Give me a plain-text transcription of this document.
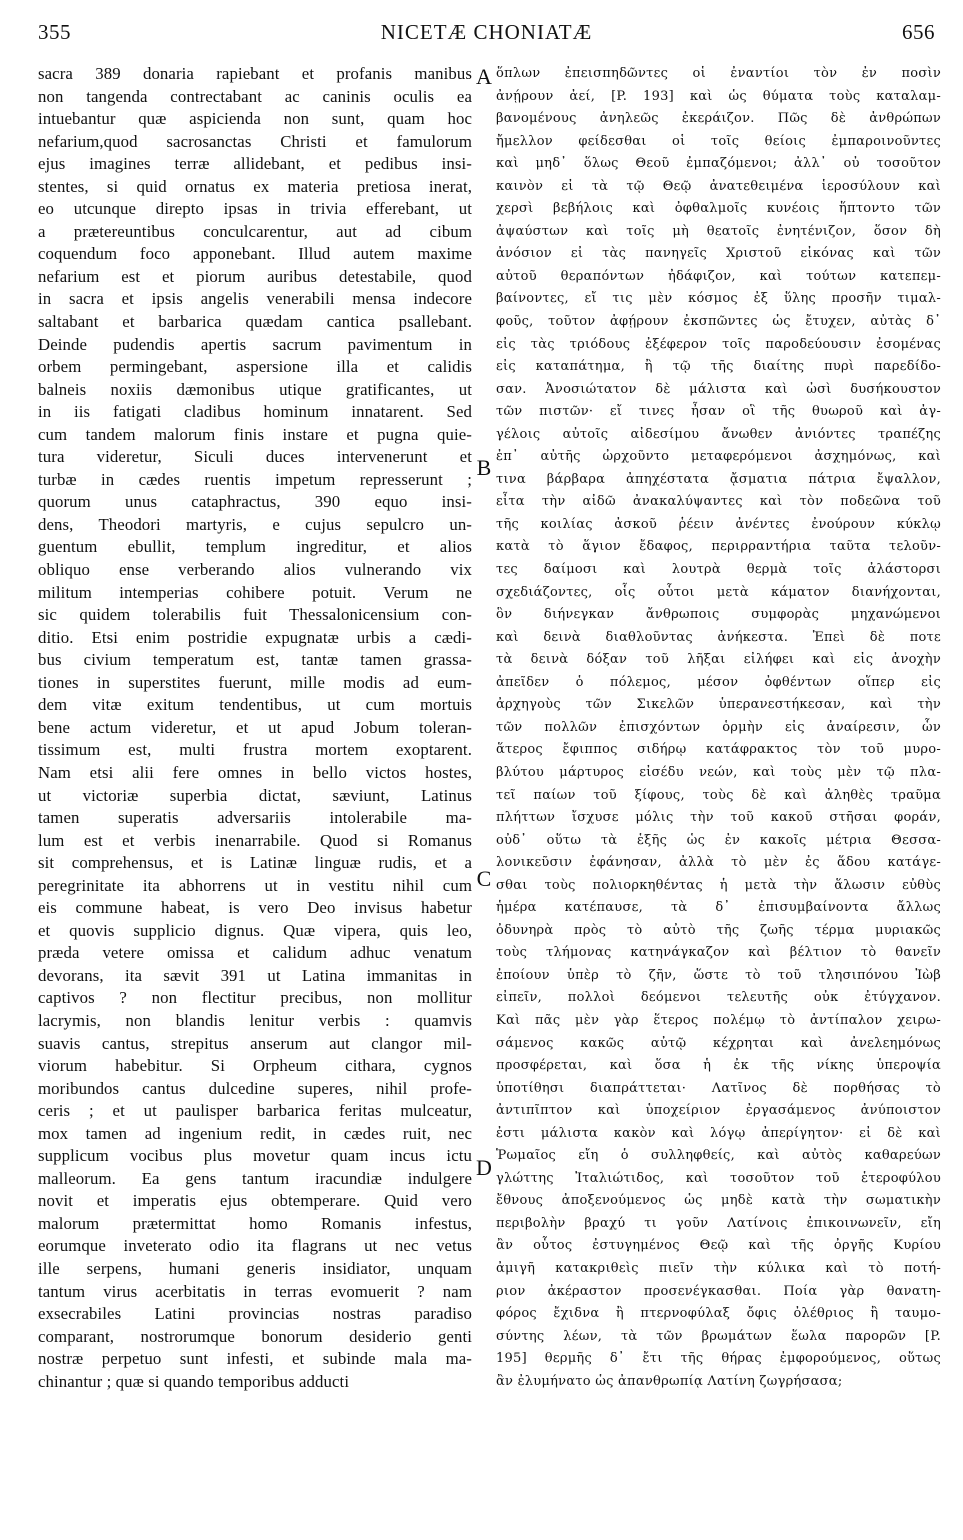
355	NICETÆ CHONIATÆ	656
sacra 389 donaria rapiebant et profanis manibus
non tangenda contrectabant ac caninis oculis ea
intuebantur quæ aspicienda non sunt, quam hoc
nefarium,quod sacrosanctas Christi et famulorum
ejus imagines terræ allidebant, et pedibus insi-
stentes, si quid ornatus ex materia pretiosa inerat,
eo utcunque direpto ipsas in trivia efferebant, ut
a prætereuntibus conculcarentur, aut ad cibum
coquendum foco apponebant. Illud autem maxime
nefarium est et piorum auribus detestabile, quod
in sacra et ipsis angelis venerabili mensa indecore
saltabant et barbarica quædam cantica psallebant.
Deinde pudendis apertis sacrum pavimentum in
orbem permingebant, aspersione illa et calidis
balneis noxiis dæmonibus utique gratificantes, ut
in iis fatigati cladibus hominum innatarent. Sed
cum tandem malorum finis instare et pugna quie-
tura videretur, Siculi duces intervenerunt et
turbæ in cædes ruentis impetum represserunt ;
quorum unus cataphractus, 390 equo insi-
dens, Theodori martyris, e cujus sepulcro un-
guentum ebullit, templum ingreditur, et alios
obliquo ense verberando alios vulnerando vix
militum intemperias cohibere potuit. Verum ne
sic quidem tolerabilis fuit Thessalonicensium con-
ditio. Etsi enim postridie expugnatæ urbis a cædi-
bus civium temperatum est, tantæ tamen grassa-
tiones in superstites fuerunt, mille modis ad eum-
dem vitæ exitum tendentibus, ut cum mortuis
bene actum videretur, et ut apud Jobum toleran-
tissimum est, multi frustra mortem exoptarent.
Nam etsi alii fere omnes in bello victos hostes,
ut victoriæ superbia dictat, sæviunt, Latinus
tamen superatis adversariis intolerabile ma-
lum est et verbis inenarrabile. Quod si Romanus
sit comprehensus, et is Latinæ linguæ rudis, et a
peregrinitate ita abhorrens ut in vestitu nihil cum
eis commune habeat, is vero Deo invisus habetur
et quovis supplicio dignus. Quæ vipera, quis leo,
præda vetere omissa et calidum adhuc venatum
devorans, ita sævit 391 ut Latina immanitas in
captivos ? non flectitur precibus, non mollitur
lacrymis, non blandis lenitur verbis : quamvis
suavis cantus, strepitus anserum aut clangor mil-
viorum habebitur. Si Orpheum cithara, cygnos
moribundos cantus dulcedine superes, nihil profe-
ceris ; et ut paulisper barbarica feritas mulceatur,
mox tamen ad ingenium redit, in cædes ruit, nec
supplicum vocibus plus movetur quam incus ictu
malleorum. Ea gens tantum iracundiæ indulgere
novit et imperatis ejus obtemperare. Quid vero
malorum prætermittat homo Romanis infestus,
eorumque inveterato odio ita flagrans ut nec vetus
ille serpens, humani generis insidiator, unquam
tantum virus acerbitatis in terras evomuerit ? nam
exsecrabiles Latini provincias nostras paradiso
comparant, nostrorumque bonorum desiderio genti
nostræ perpetuo sunt infesti, et subinde mala ma-
chinantur ; quæ si quando temporibus adducti
A
B
C
D
ὅπλων ἐπεισπηδῶντες οἱ ἐναντίοι τὸν ἐν ποσὶν
ἀνῄρουν ἀεί, [P. 193] καὶ ὡς θύματα τοὺς καταλαμ-
βανομένους ἀνηλεῶς ἐκεράιζον. Πῶς δὲ ἀνθρώπων
ἤμελλον φείδεσθαι οἱ τοῖς θείοις ἐμπαροινοῦντες
καὶ μηδ᾽ ὅλως Θεοῦ ἐμπαζόμενοι; ἀλλ᾽ οὐ τοσοῦτον
καινὸν εἰ τὰ τῷ Θεῷ ἀνατεθειμένα ἱεροσύλουν καὶ
χερσὶ βεβήλοις καὶ ὀφθαλμοῖς κυνέοις ἥπτοντο τῶν
ἀψαύστων καὶ τοῖς μὴ θεατοῖς ἐνητένιζον, ὅσον δὴ
ἀνόσιον εἰ τὰς πανηγεῖς Χριστοῦ εἰκόνας καὶ τῶν
αὐτοῦ θεραπόντων ἠδάφιζον, καὶ τούτων κατεπεμ-
βαίνοντες, εἴ τις μὲν κόσμος ἐξ ὕλης προσῆν τιμαλ-
φοῦς, τοῦτον ἀφῄρουν ἐκσπῶντες ὡς ἔτυχεν, αὐτὰς δ᾽
εἰς τὰς τριόδους ἐξέφερον τοῖς παροδεύουσιν ἐσομένας
εἰς καταπάτημα, ἢ τῷ τῆς διαίτης πυρὶ παρεδίδο-
σαν. Ἀνοσιώτατον δὲ μάλιστα καὶ ὠσὶ δυσήκουστον
τῶν πιστῶν· εἴ τινες ἦσαν οἳ τῆς θυωροῦ καὶ ἀγ-
γέλοις αὐτοῖς αἰδεσίμου ἄνωθεν ἀνιόντες τραπέζης
ἐπ᾽ αὐτῆς ὠρχοῦντο μεταφερόμενοι ἀσχημόνως, καὶ
τινα βάρβαρα ἀπηχέστατα ᾄσματια πάτρια ἔψαλλον,
εἶτα τὴν αἰδῶ ἀνακαλύψαντες καὶ τὸν ποδεῶνα τοῦ
τῆς κοιλίας ἀσκοῦ ῥέειν ἀνέντες ἐνούρουν κύκλῳ
κατὰ τὸ ἅγιον ἔδαφος, περιρραντήρια ταῦτα τελοῦν-
τες δαίμοσι καὶ λουτρὰ θερμὰ τοῖς ἀλάστορσι
σχεδιάζοντες, οἷς οὗτοι μετὰ κάματον διανήχονται,
ὃν διήνεγκαν ἄνθρωποις συμφορὰς μηχανώμενοι
καὶ δεινὰ διαθλοῦντας ἀνήκεστα. Ἐπεὶ δὲ ποτε
τὰ δεινὰ δόξαν τοῦ λῆξαι εἰλήφει καὶ εἰς ἀνοχὴν
ἀπεῖδεν ὁ πόλεμος, μέσον ὀφθέντων οἵπερ εἰς
ἀρχηγοὺς τῶν Σικελῶν ὑπερανεστήκεσαν, καὶ τὴν
τῶν πολλῶν ἐπισχόντων ὁρμὴν εἰς ἀναίρεσιν, ὧν
ἅτερος ἔφιππος σιδήρῳ κατάφρακτος τὸν τοῦ μυρο-
βλύτου μάρτυρος εἰσέδυ νεών, καὶ τοὺς μὲν τῷ πλα-
τεῖ παίων τοῦ ξίφους, τοὺς δὲ καὶ ἀληθὲς τραῦμα
πλήττων ἴσχυσε μόλις τὴν τοῦ κακοῦ στῆσαι φοράν,
οὐδ᾽ οὕτω τὰ ἑξῆς ὡς ἐν κακοῖς μέτρια Θεσσα-
λονικεῦσιν ἐφάνησαν, ἀλλὰ τὸ μὲν ἐς ἅδου κατάγε-
σθαι τοὺς πολιορκηθέντας ἡ μετὰ τὴν ἅλωσιν εὐθὺς
ἡμέρα κατέπαυσε, τὰ δ᾽ ἐπισυμβαίνοντα ἄλλως
ὀδυνηρὰ πρὸς τὸ αὐτὸ τῆς ζωῆς τέρμα μυριακῶς
τοὺς τλήμονας κατηνάγκαζον καὶ βέλτιον τὸ θανεῖν
ἐποίουν ὑπὲρ τὸ ζῆν, ὥστε τὸ τοῦ τλησιπόνου Ἰὼβ
εἰπεῖν, πολλοὶ δεόμενοι τελευτῆς οὐκ ἐτύγχανον.
Καὶ πᾶς μὲν γὰρ ἕτερος πολέμῳ τὸ ἀντίπαλον χειρω-
σάμενος κακῶς αὐτῷ κέχρηται καὶ ἀνελεημόνως
προσφέρεται, καὶ ὅσα ἡ ἐκ τῆς νίκης ὑπεροψία
ὑποτίθησι διαπράττεται· Λατῖνος δὲ πορθήσας τὸ
ἀντιπῖπτον καὶ ὑποχείριον ἐργασάμενος ἀνύποιστον
ἐστι μάλιστα κακὸν καὶ λόγῳ ἀπερίγητον· εἰ δὲ καὶ
Ῥωμαῖος εἴη ὁ συλληφθείς, καὶ αὐτὸς καθαρεύων
γλώττης Ἰταλιώτιδος, καὶ τοσοῦτον τοῦ ἑτεροφύλου
ἔθνους ἀποξενούμενος ὡς μηδὲ κατὰ τὴν σωματικὴν
περιβολὴν βραχύ τι γοῦν Λατίνοις ἐπικοινωνεῖν, εἴη
ἂν οὗτος ἐστυγημένος Θεῷ καὶ τῆς ὀργῆς Κυρίου
ἀμιγῆ κατακριθεὶς πιεῖν τὴν κύλικα καὶ τὸ ποτή-
ριον ἀκέραστον προσενέγκασθαι. Ποία γὰρ θανατη-
φόρος ἔχιδνα ἢ πτερνοφύλαξ ὄφις ὀλέθριος ἢ ταυμο-
σύντης λέων, τὰ τῶν βρωμάτων ἕωλα παρορῶν [P.
195] θερμῆς δ᾽ ἔτι τῆς θήρας ἐμφορούμενος, οὕτως
ἂν ἐλυμήνατο ὡς ἀπανθρωπίᾳ Λατίνη ζωγρήσασα;
